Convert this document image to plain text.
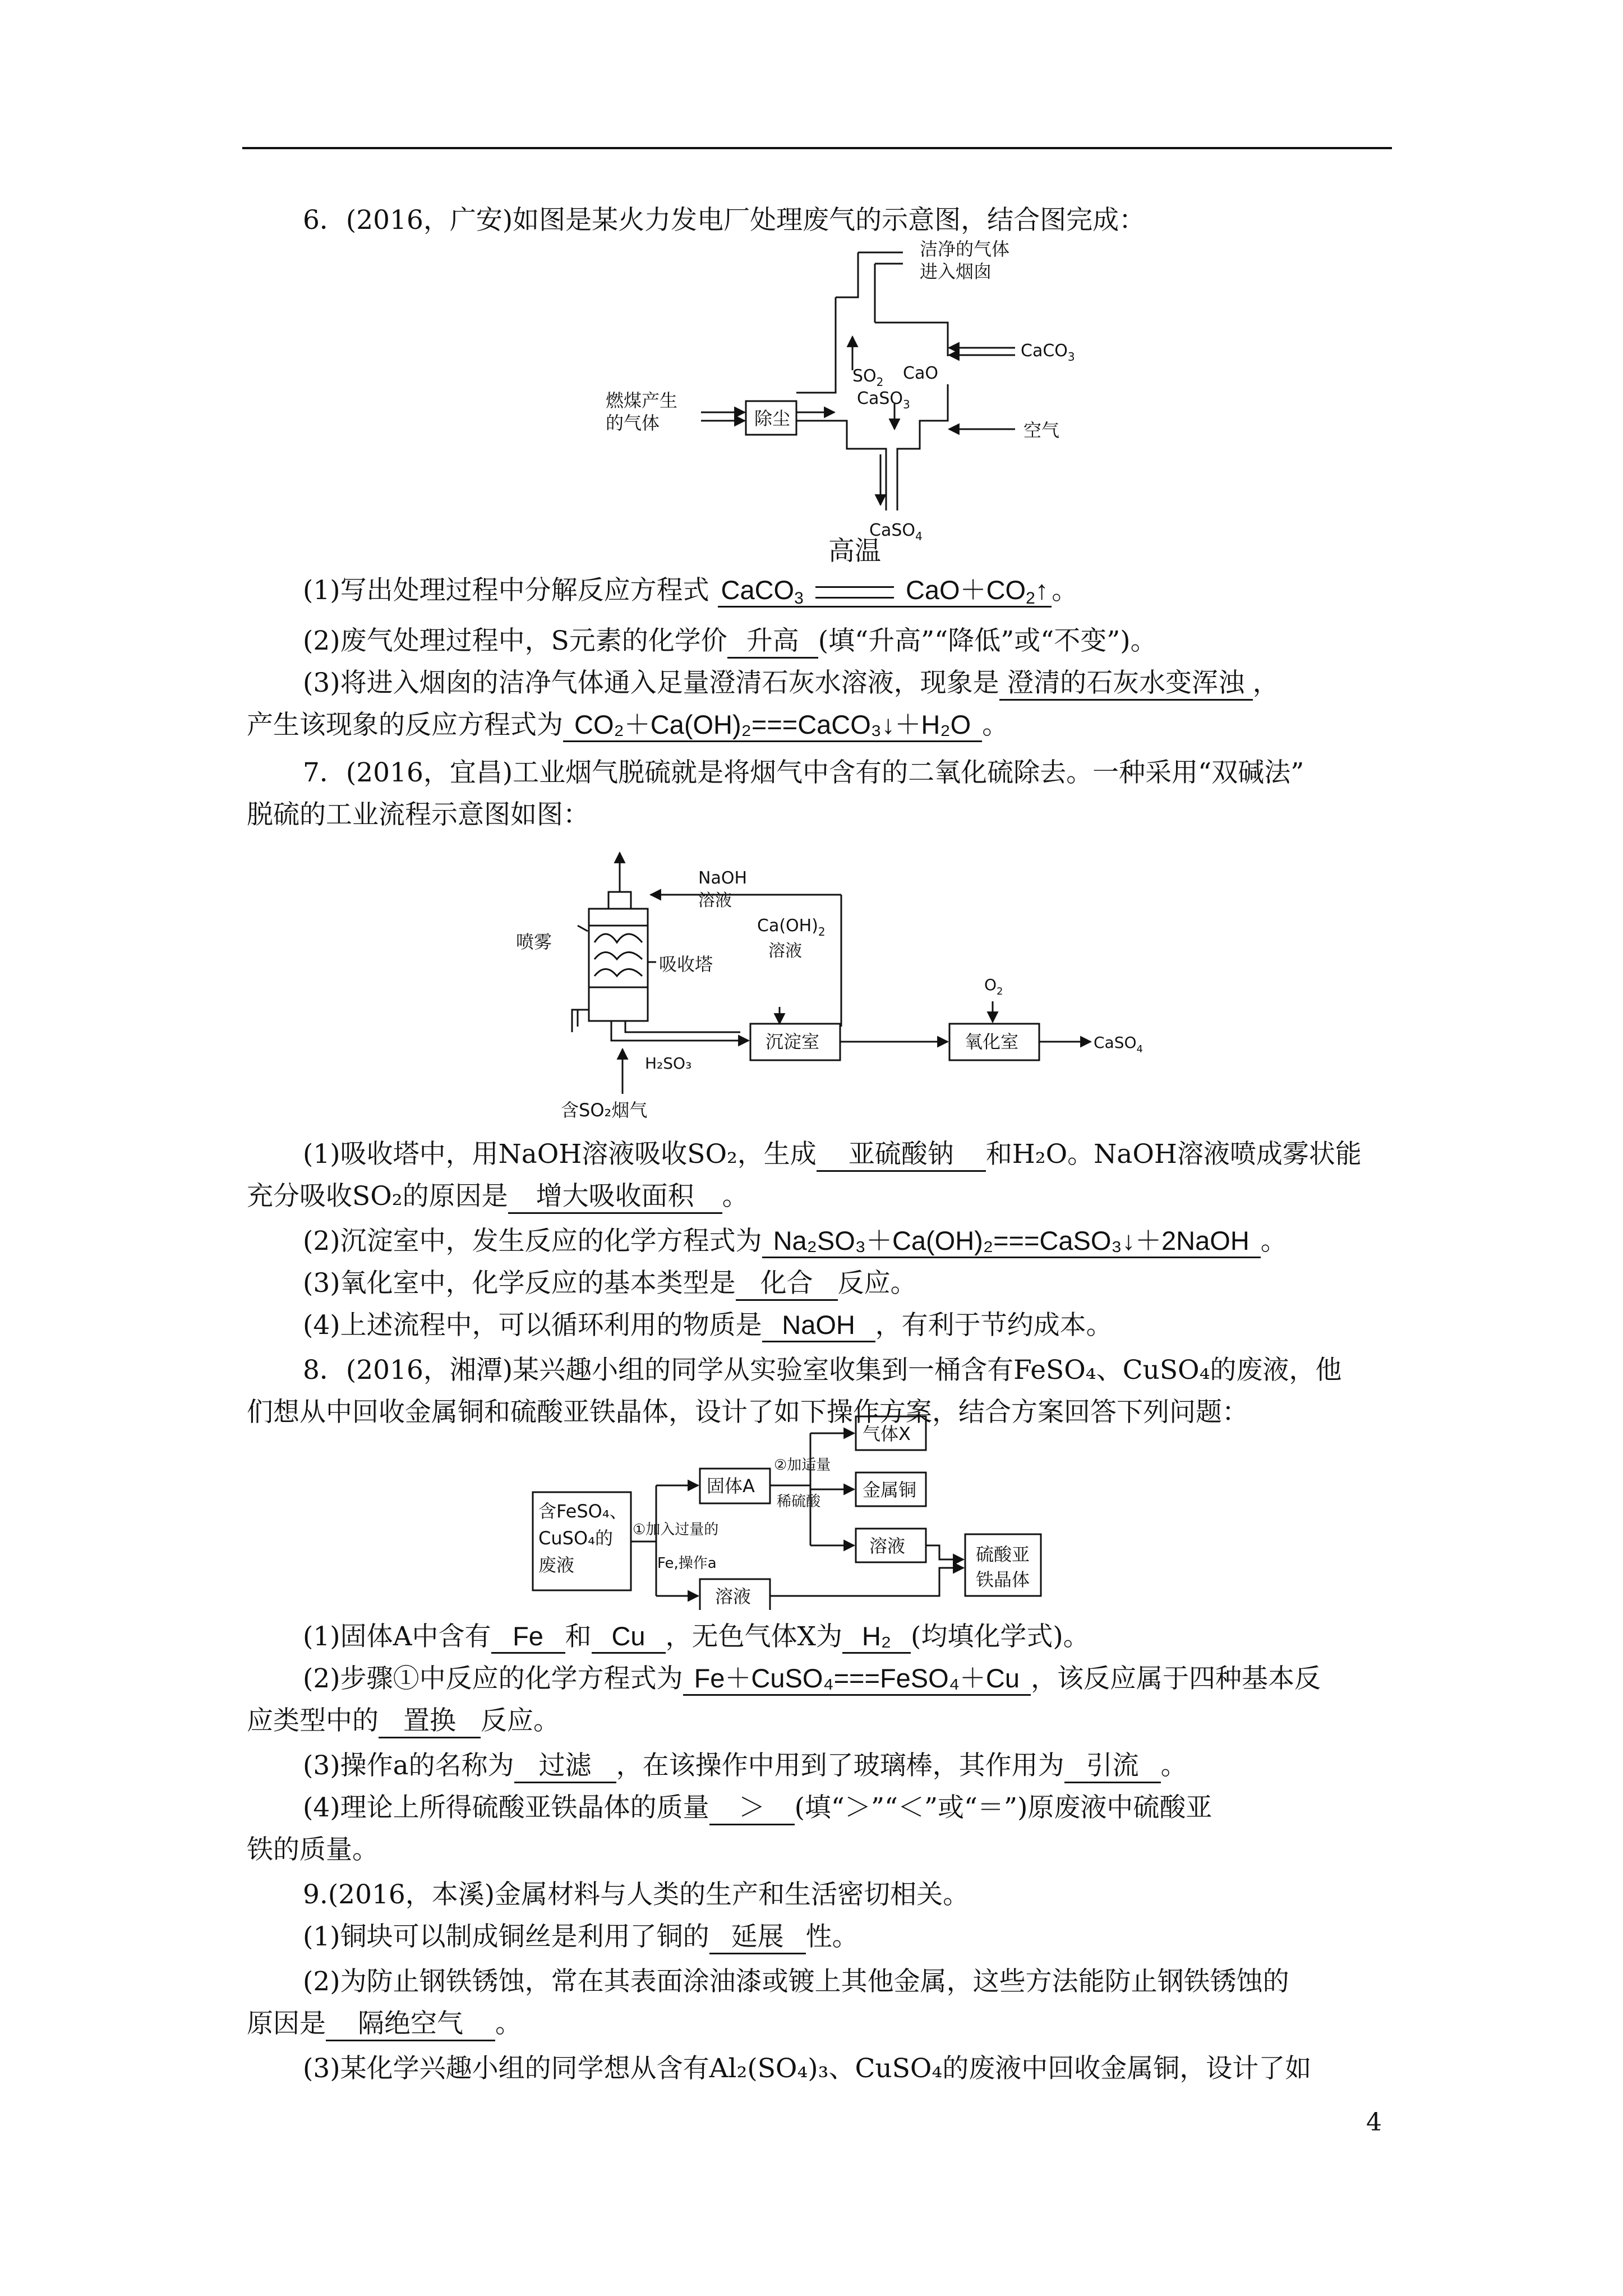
6．(2016，广安)如图是某火力发电厂处理废气的示意图，结合图完成：
洁净的气体
进入烟囱
CaCO$_3$
$SO_2$ CaO
CaSO$_3$
燃煤产生
的气体	除尘
空气
CaSO$_4$
(1)写出处理过程中分解反应方程式 CaCO$_3$
高温
$CaO+CO_2↑$ 。
(2)废气处理过程中，S元素的化学价 升高 (填“升高”“降低”或“不变”)。
(3)将进入烟囱的洁净气体通入足量澄清石灰水溶液，现象是 澄清的石灰水变浑浊 ，
产生该现象的反应方程式为 CO₂＋Ca(OH)₂===CaCO₃↓＋H₂O 。
7．(2016，宜昌)工业烟气脱硫就是将烟气中含有的二氧化硫除去。一种采用“双碱法”
脱硫的工业流程示意图如图：
NaOH
溶液
$Ca(OH)_2$
溶液
喷雾
吸收塔
$O_2$
H₂SO₃
沉淀室	氧化室	CaSO$_4$
含SO₂烟气
(1)吸收塔中，用NaOH溶液吸收SO₂，生成 亚硫酸钠 和H₂O。NaOH溶液喷成雾状能
充分吸收SO₂的原因是 增大吸收面积 。
(2)沉淀室中，发生反应的化学方程式为 Na₂SO₃＋Ca(OH)₂===CaSO₃↓＋2NaOH 。
(3)氧化室中，化学反应的基本类型是 化合 反应。
(4)上述流程中，可以循环利用的物质是 NaOH ，有利于节约成本。
8．(2016，湘潭)某兴趣小组的同学从实验室收集到一桶含有FeSO₄、CuSO₄的废液，他
们想从中回收金属铜和硫酸亚铁晶体，设计了如下操作方案，结合方案回答下列问题：
含FeSO₄、
CuSO₄的
废液
①加入过量的
Fe,操作a
固体A
②加适量
稀硫酸
气体X
金属铜
溶液
溶液
硫酸亚
铁晶体
(1)固体A中含有 Fe 和 Cu ，无色气体X为 H₂ (均填化学式)。
(2)步骤①中反应的化学方程式为 Fe＋CuSO₄===FeSO₄＋Cu ，该反应属于四种基本反
应类型中的 置换 反应。
(3)操作a的名称为 过滤 ，在该操作中用到了玻璃棒，其作用为 引流 。
(4)理论上所得硫酸亚铁晶体的质量 ＞ (填“＞”“＜”或“＝”)原废液中硫酸亚
铁的质量。
9.(2016，本溪)金属材料与人类的生产和生活密切相关。
(1)铜块可以制成铜丝是利用了铜的 延展 性。
(2)为防止钢铁锈蚀，常在其表面涂油漆或镀上其他金属，这些方法能防止钢铁锈蚀的
原因是 隔绝空气 。
(3)某化学兴趣小组的同学想从含有Al₂(SO₄)₃、CuSO₄的废液中回收金属铜，设计了如
4
